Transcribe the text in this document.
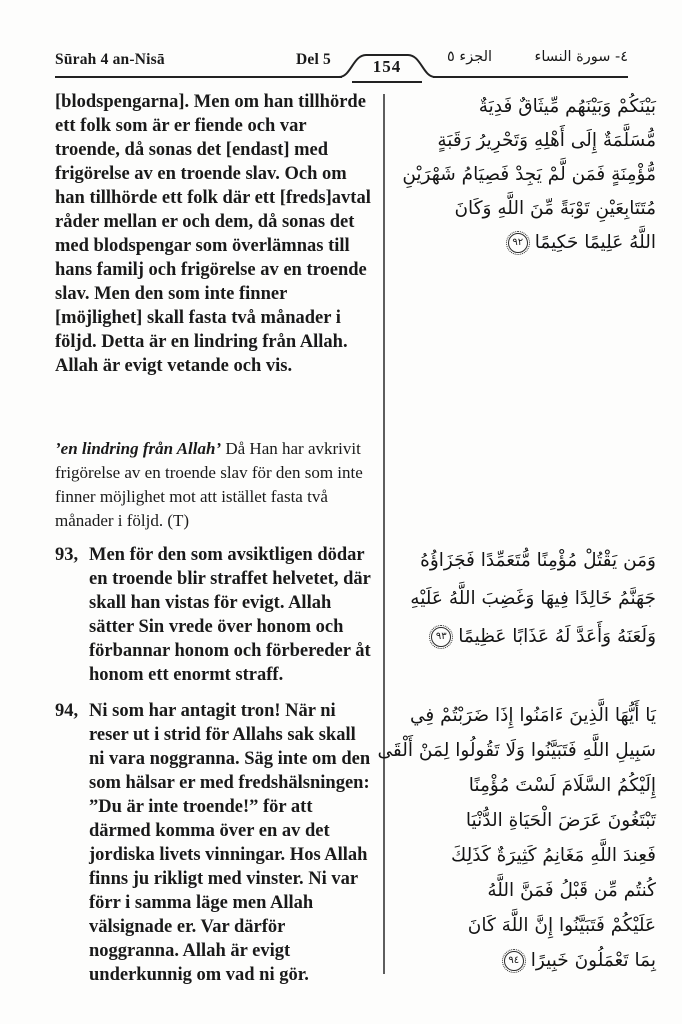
Sūrah 4 an-Nisā	Del 5	154	الجزء ٥	٤- سورة النساء
[blodspengarna]. Men om han tillhörde ett folk som är er fiende och var troende, då sonas det [endast] med frigörelse av en troende slav. Och om han tillhörde ett folk där ett [freds]avtal råder mellan er och dem, då sonas det med blodspengar som överlämnas till hans familj och frigörelse av en troende slav. Men den som inte finner [möjlighet] skall fasta två månader i följd. Detta är en lindring från Allah. Allah är evigt vetande och vis.
’en lindring från Allah’ Då Han har avkrivit frigörelse av en troende slav för den som inte finner möjlighet mot att istället fasta två månader i följd. (T)
93, Men för den som avsiktligen dödar en troende blir straffet helvetet, där skall han vistas för evigt. Allah sätter Sin vrede över honom och förbannar honom och förbereder åt honom ett enormt straff.
94, Ni som har antagit tron! När ni reser ut i strid för Allahs sak skall ni vara noggranna. Säg inte om den som hälsar er med fredshälsningen: ”Du är inte troende!” för att därmed komma över en av det jordiska livets vinningar. Hos Allah finns ju rikligt med vinster. Ni var förr i samma läge men Allah välsignade er. Var därför noggranna. Allah är evigt underkunnig om vad ni gör.
بَيْنَكُمْ وَبَيْنَهُم مِّيثَاقٌ فَدِيَةٌ
مُّسَلَّمَةٌ إِلَى أَهْلِهِ وَتَحْرِيرُ رَقَبَةٍ
مُّؤْمِنَةٍ فَمَن لَّمْ يَجِدْ فَصِيَامُ شَهْرَيْنِ
مُتَتَابِعَيْنِ تَوْبَةً مِّنَ اللَّهِ وَكَانَ
اللَّهُ عَلِيمًا حَكِيمًا
٩٢
وَمَن يَقْتُلْ مُؤْمِنًا مُّتَعَمِّدًا فَجَزَاؤُهُ
جَهَنَّمُ خَالِدًا فِيهَا وَغَضِبَ اللَّهُ عَلَيْهِ
وَلَعَنَهُ وَأَعَدَّ لَهُ عَذَابًا عَظِيمًا
٩٣
يَا أَيُّهَا الَّذِينَ ءَامَنُوا إِذَا ضَرَبْتُمْ فِي
سَبِيلِ اللَّهِ فَتَبَيَّنُوا وَلَا تَقُولُوا لِمَنْ أَلْقَى
إِلَيْكُمُ السَّلَامَ لَسْتَ مُؤْمِنًا
تَبْتَغُونَ عَرَضَ الْحَيَاةِ الدُّنْيَا
فَعِندَ اللَّهِ مَغَانِمُ كَثِيرَةٌ كَذَلِكَ
كُنتُم مِّن قَبْلُ فَمَنَّ اللَّهُ
عَلَيْكُمْ فَتَبَيَّنُوا إِنَّ اللَّهَ كَانَ
بِمَا تَعْمَلُونَ خَبِيرًا
٩٤
